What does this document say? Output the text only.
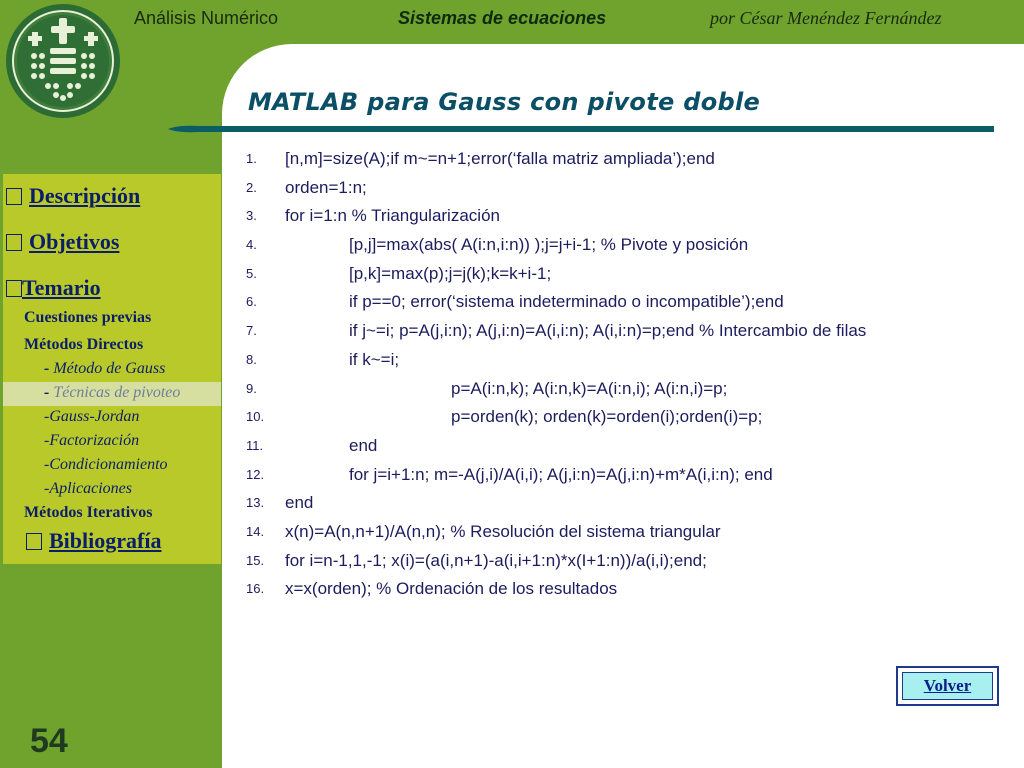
Análisis Numérico	Sistemas de ecuaciones	por César Menéndez Fernández
MATLAB para Gauss con pivote doble
1.	[n,m]=size(A);if m~=n+1;error(‘falla matriz ampliada’);end
2.	orden=1:n;
3.	for i=1:n % Triangularización
4.	[p,j]=max(abs( A(i:n,i:n)) );j=j+i-1; % Pivote y posición
5.	[p,k]=max(p);j=j(k);k=k+i-1;
6.	if p==0; error(‘sistema indeterminado o incompatible’);end
7.	if j~=i; p=A(j,i:n); A(j,i:n)=A(i,i:n); A(i,i:n)=p;end % Intercambio de filas
8.	if k~=i;
9.	p=A(i:n,k); A(i:n,k)=A(i:n,i); A(i:n,i)=p;
10.	p=orden(k); orden(k)=orden(i);orden(i)=p;
11.	end
12.	for j=i+1:n; m=-A(j,i)/A(i,i); A(j,i:n)=A(j,i:n)+m*A(i,i:n); end
13.	end
14.	x(n)=A(n,n+1)/A(n,n); % Resolución del sistema triangular
15.	for i=n-1,1,-1; x(i)=(a(i,n+1)-a(i,i+1:n)*x(I+1:n))/a(i,i);end;
16.	x=x(orden); % Ordenación de los resultados
Descripción
Objetivos
Temario
Cuestiones previas
Métodos Directos
- Método de Gauss
- Técnicas de pivoteo
-Gauss-Jordan
-Factorización
-Condicionamiento
-Aplicaciones
Métodos Iterativos
Bibliografía
Volver
54
